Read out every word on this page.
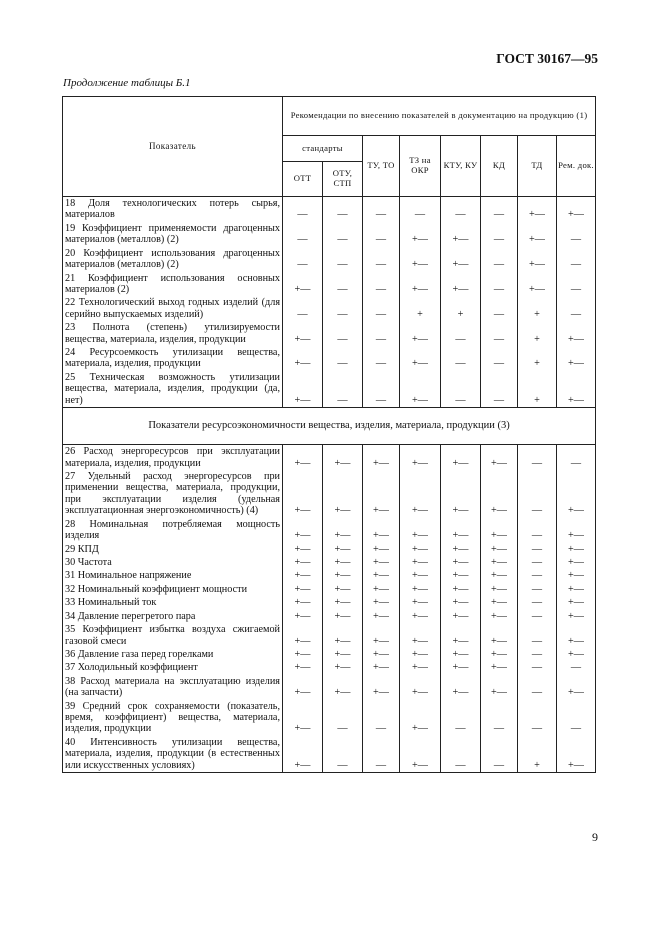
ГОСТ 30167—95
Продолжение таблицы Б.1
Показатель	Рекомендации по внесению показателей в документацию на продукцию (1)							
	стандарты		ТУ, ТО	ТЗ на ОКР	КТУ, КУ	КД	ТД	Рем. док.
	ОТТ	ОТУ, СТП						
18 Доля технологических потерь сырья, материалов	—	—	—	—	—	—	+—	+—
19 Коэффициент применяемости драгоценных материалов (металлов) (2)	—	—	—	+—	+—	—	+—	—
20 Коэффициент использования драгоценных материалов (металлов) (2)	—	—	—	+—	+—	—	+—	—
21 Коэффициент использования основных материалов (2)	+—	—	—	+—	+—	—	+—	—
22 Технологический выход годных изделий (для серийно выпускаемых изделий)	—	—	—	+	+	—	+	—
23 Полнота (степень) утилизируемости вещества, материала, изделия, продукции	+—	—	—	+—	—	—	+	+—
24 Ресурсоемкость утилизации вещества, материала, изделия, продукции	+—	—	—	+—	—	—	+	+—
25 Техническая возможность утилизации вещества, материала, изделия, продукции (да, нет)	+—	—	—	+—	—	—	+	+—
Показатели ресурсоэкономичности вещества, изделия, материала, продукции (3)								
26 Расход энергоресурсов при эксплуатации материала, изделия, продукции	+—	+—	+—	+—	+—	+—	—	—
27 Удельный расход энергоресурсов при применении вещества, материала, продукции, при эксплуатации изделия (удельная эксплуатационная энергоэкономичность) (4)	+—	+—	+—	+—	+—	+—	—	+—
28 Номинальная потребляемая мощность изделия	+—	+—	+—	+—	+—	+—	—	+—
29 КПД	+—	+—	+—	+—	+—	+—	—	+—
30 Частота	+—	+—	+—	+—	+—	+—	—	+—
31 Номинальное напряжение	+—	+—	+—	+—	+—	+—	—	+—
32 Номинальный коэффициент мощности	+—	+—	+—	+—	+—	+—	—	+—
33 Номинальный ток	+—	+—	+—	+—	+—	+—	—	+—
34 Давление перегретого пара	+—	+—	+—	+—	+—	+—	—	+—
35 Коэффициент избытка воздуха сжигаемой газовой смеси	+—	+—	+—	+—	+—	+—	—	+—
36 Давление газа перед горелками	+—	+—	+—	+—	+—	+—	—	+—
37 Холодильный коэффициент	+—	+—	+—	+—	+—	+—	—	—
38 Расход материала на эксплуатацию изделия (на запчасти)	+—	+—	+—	+—	+—	+—	—	+—
39 Средний срок сохраняемости (показатель, время, коэффициент) вещества, материала, изделия, продукции	+—	—	—	+—	—	—	—	—
40 Интенсивность утилизации вещества, материала, изделия, продукции (в естественных или искусственных условиях)	+—	—	—	+—	—	—	+	+—
9
